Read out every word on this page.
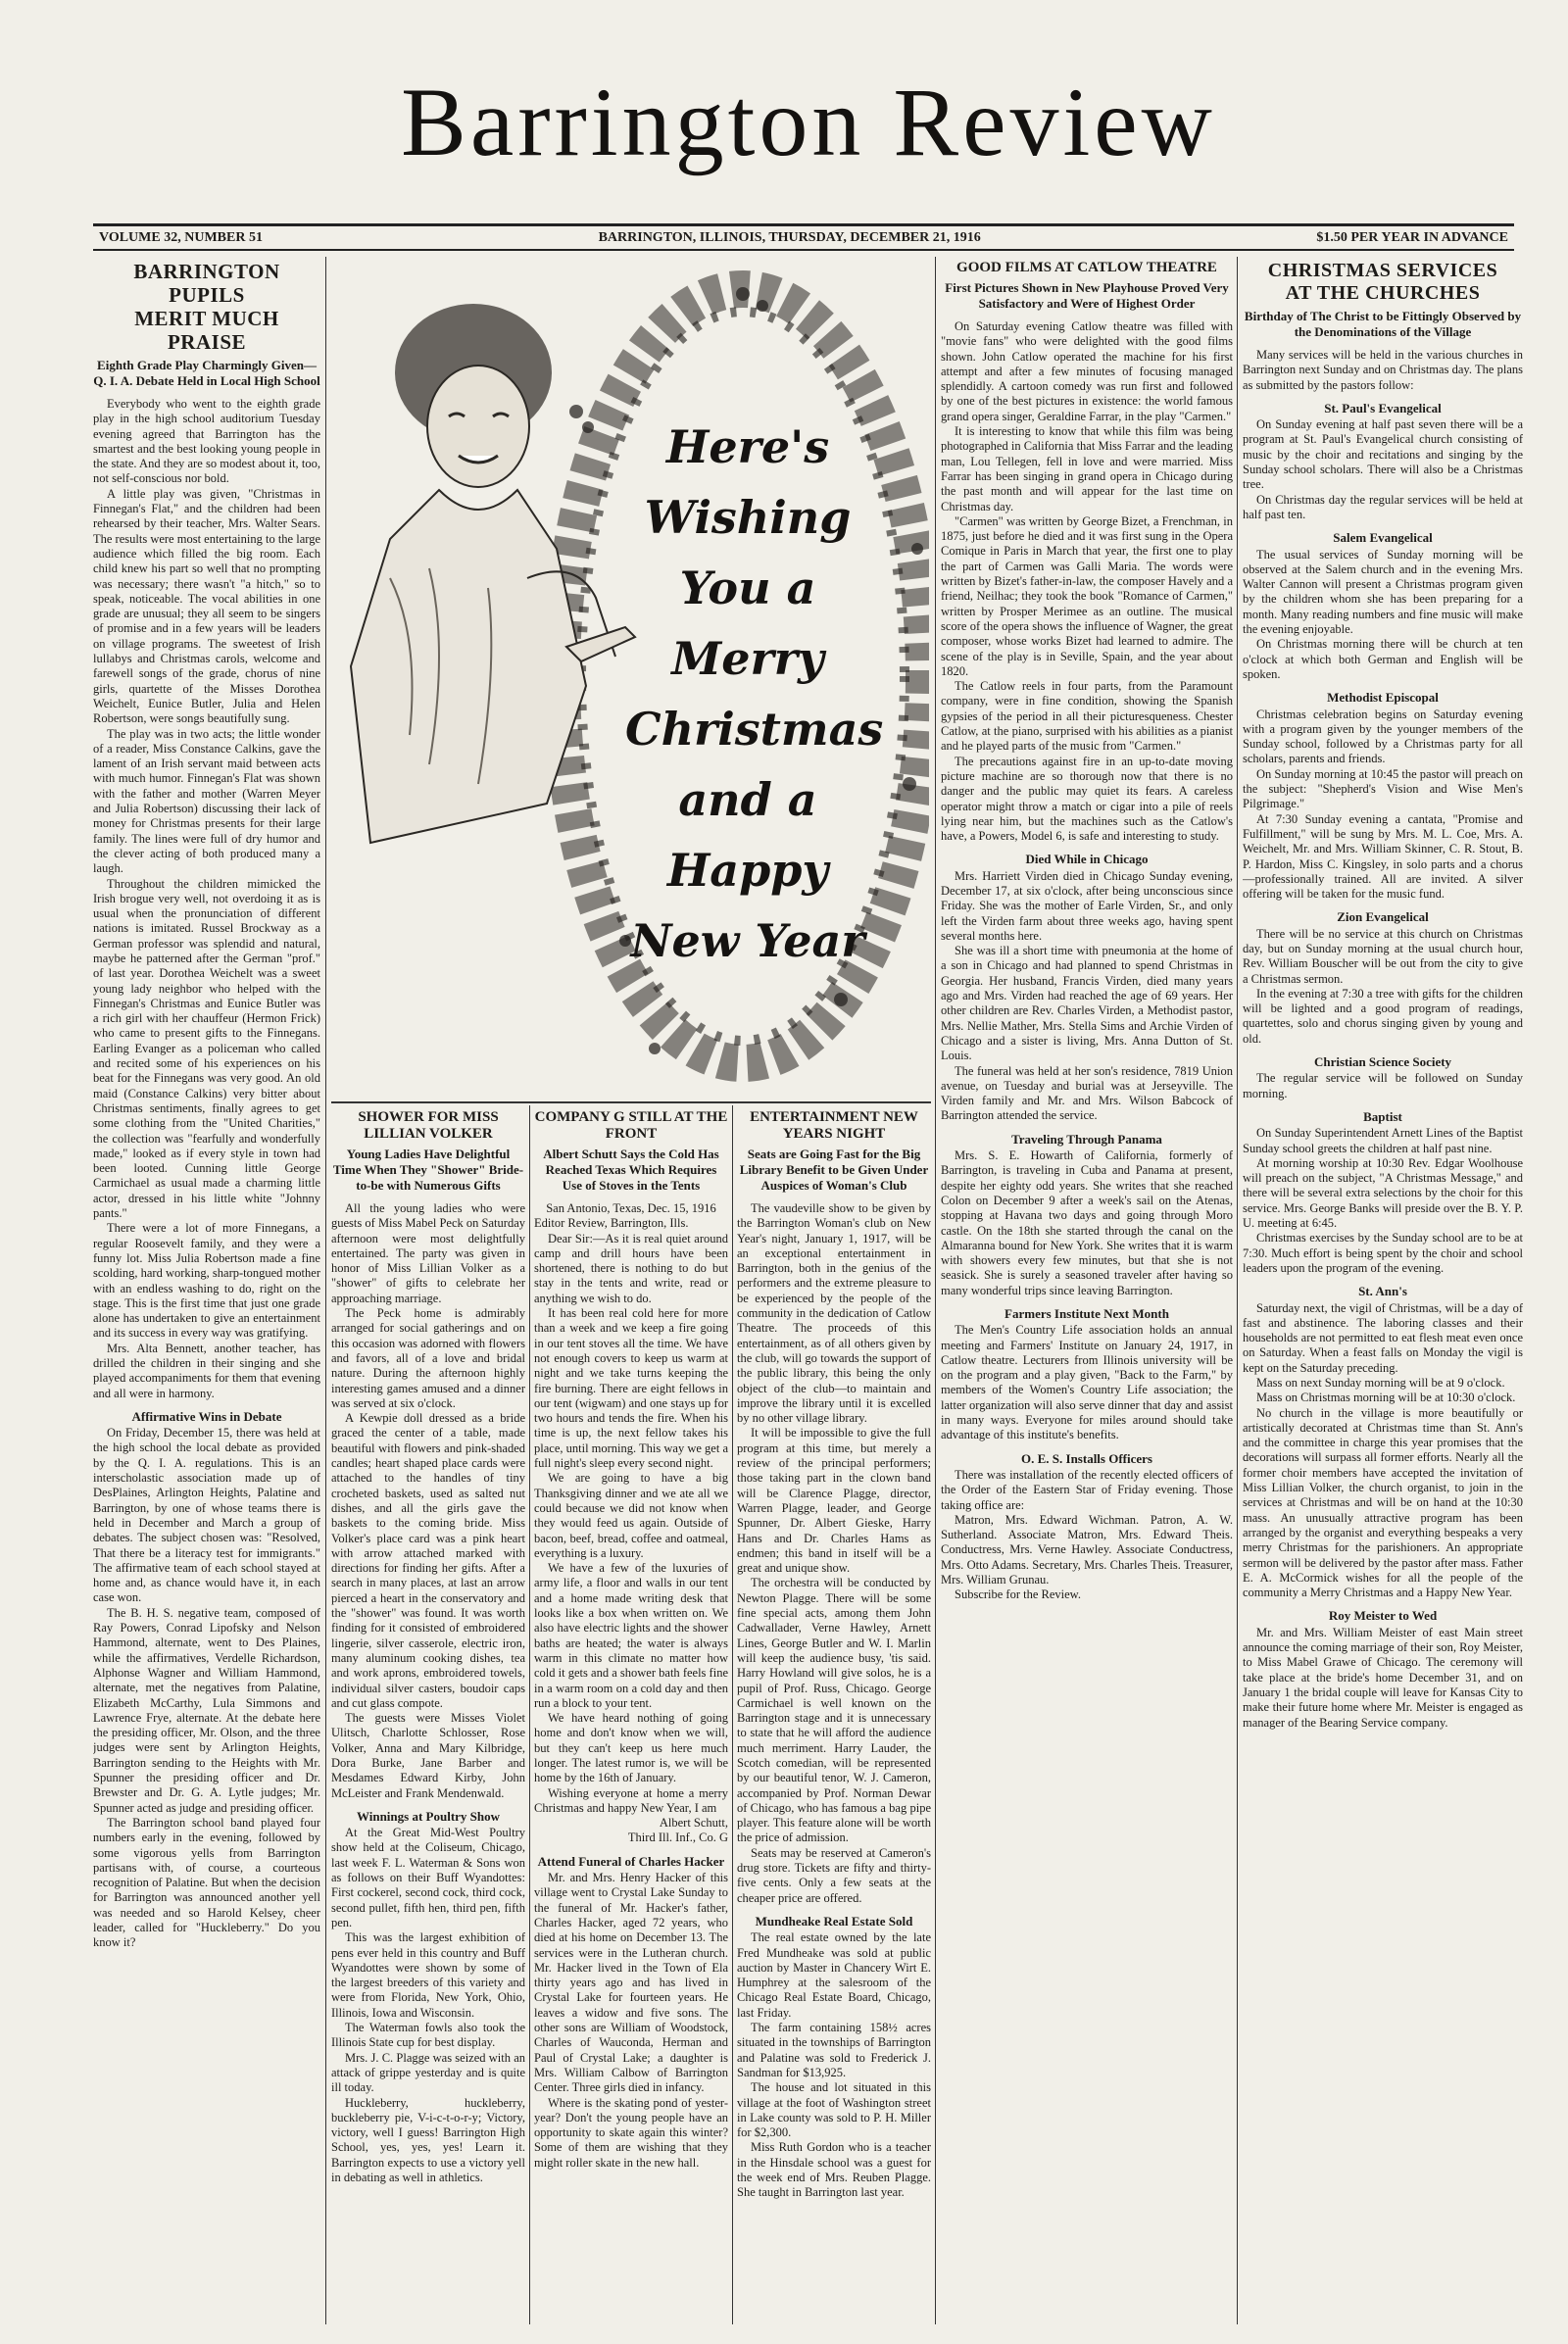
Barrington Review
VOLUME 32, NUMBER 51	BARRINGTON, ILLINOIS, THURSDAY, DECEMBER 21, 1916	$1.50 PER YEAR IN ADVANCE
BARRINGTON PUPILS
MERIT MUCH PRAISE
Eighth Grade Play Charmingly Given—Q. I. A. Debate Held in Local High School

Everybody who went to the eighth grade play in the high school auditorium Tuesday evening agreed that Barrington has the smartest and the best looking young people in the state. And they are so modest about it, too, not self-conscious nor bold.

A little play was given, "Christmas in Finnegan's Flat," and the children had been rehearsed by their teacher, Mrs. Walter Sears. The results were most entertaining to the large audience which filled the big room. Each child knew his part so well that no prompting was necessary; there wasn't "a hitch," so to speak, noticeable. The vocal abilities in one grade are unusual; they all seem to be singers of promise and in a few years will be leaders on village programs. The sweetest of Irish lullabys and Christmas carols, welcome and farewell songs of the grade, chorus of nine girls, quartette of the Misses Dorothea Weichelt, Eunice Butler, Julia and Helen Robertson, were songs beautifully sung.

The play was in two acts; the little wonder of a reader, Miss Constance Calkins, gave the lament of an Irish servant maid between acts with much humor. Finnegan's Flat was shown with the father and mother (Warren Meyer and Julia Robertson) discussing their lack of money for Christmas presents for their large family. The lines were full of dry humor and the clever acting of both produced many a laugh.

Throughout the children mimicked the Irish brogue very well, not overdoing it as is usual when the pronunciation of different nations is imitated. Russel Brockway as a German professor was splendid and natural, maybe he patterned after the German "prof." of last year. Dorothea Weichelt was a sweet young lady neighbor who helped with the Finnegan's Christmas and Eunice Butler was a rich girl with her chauffeur (Hermon Frick) who came to present gifts to the Finnegans. Earling Evanger as a policeman who called and recited some of his experiences on his beat for the Finnegans was very good. An old maid (Constance Calkins) very bitter about Christmas sentiments, finally agrees to get some clothing from the "United Charities," the collection was "fearfully and wonderfully made," looked as if every style in town had been looted. Cunning little George Carmichael as usual made a charming little actor, dressed in his little white "Johnny pants."

There were a lot of more Finnegans, a regular Roosevelt family, and they were a funny lot. Miss Julia Robertson made a fine scolding, hard working, sharp-tongued mother with an endless washing to do, right on the stage. This is the first time that just one grade alone has undertaken to give an entertainment and its success in every way was gratifying.

Mrs. Alta Bennett, another teacher, has drilled the children in their singing and she played accompaniments for them that evening and all were in harmony.

Affirmative Wins in Debate

On Friday, December 15, there was held at the high school the local debate as provided by the Q. I. A. regulations. This is an interscholastic association made up of DesPlaines, Arlington Heights, Palatine and Barrington, by one of whose teams there is held in December and March a group of debates. The subject chosen was: "Resolved, That there be a literacy test for immigrants." The affirmative team of each school stayed at home and, as chance would have it, in each case won.

The B. H. S. negative team, composed of Ray Powers, Conrad Lipofsky and Nelson Hammond, alternate, went to Des Plaines, while the affirmatives, Verdelle Richardson, Alphonse Wagner and William Hammond, alternate, met the negatives from Palatine, Elizabeth McCarthy, Lula Simmons and Lawrence Frye, alternate. At the debate here the presiding officer, Mr. Olson, and the three judges were sent by Arlington Heights, Barrington sending to the Heights with Mr. Spunner the presiding officer and Dr. Brewster and Dr. G. A. Lytle judges; Mr. Spunner acted as judge and presiding officer.

The Barrington school band played four numbers early in the evening, followed by some vigorous yells from Barrington partisans with, of course, a courteous recognition of Palatine. But when the decision for Barrington was announced another yell was needed and so Harold Kelsey, cheer leader, called for "Huckleberry." Do you know it?

Here's Wishing You a Merry Christmas and a Happy New Year
SHOWER FOR MISS LILLIAN VOLKER
Young Ladies Have Delightful Time When They "Shower" Bride-to-be with Numerous Gifts

All the young ladies who were guests of Miss Mabel Peck on Saturday afternoon were most delightfully entertained. The party was given in honor of Miss Lillian Volker as a "shower" of gifts to celebrate her approaching marriage.

The Peck home is admirably arranged for social gatherings and on this occasion was adorned with flowers and favors, all of a love and bridal nature. During the afternoon highly interesting games amused and a dinner was served at six o'clock.

A Kewpie doll dressed as a bride graced the center of a table, made beautiful with flowers and pink-shaded candles; heart shaped place cards were attached to the handles of tiny crocheted baskets, used as salted nut dishes, and all the girls gave the baskets to the coming bride. Miss Volker's place card was a pink heart with arrow attached marked with directions for finding her gifts. After a search in many places, at last an arrow pierced a heart in the conservatory and the "shower" was found. It was worth finding for it consisted of embroidered lingerie, silver casserole, electric iron, many aluminum cooking dishes, tea and work aprons, embroidered towels, individual silver casters, boudoir caps and cut glass compote.

The guests were Misses Violet Ulitsch, Charlotte Schlosser, Rose Volker, Anna and Mary Kilbridge, Dora Burke, Jane Barber and Mesdames Edward Kirby, John McLeister and Frank Mendenwald.

Winnings at Poultry Show

At the Great Mid-West Poultry show held at the Coliseum, Chicago, last week F. L. Waterman & Sons won as follows on their Buff Wyandottes: First cockerel, second cock, third cock, second pullet, fifth hen, third pen, fifth pen.

This was the largest exhibition of pens ever held in this country and Buff Wyandottes were shown by some of the largest breeders of this variety and were from Florida, New York, Ohio, Illinois, Iowa and Wisconsin.

The Waterman fowls also took the Illinois State cup for best display.

Mrs. J. C. Plagge was seized with an attack of grippe yesterday and is quite ill today.

Huckleberry, huckleberry, buckleberry pie, V-i-c-t-o-r-y; Victory, victory, well I guess! Barrington High School, yes, yes, yes! Learn it. Barrington expects to use a victory yell in debating as well in athletics.

COMPANY G STILL AT THE FRONT
Albert Schutt Says the Cold Has Reached Texas Which Requires Use of Stoves in the Tents
San Antonio, Texas, Dec. 15, 1916
Editor Review, Barrington, Ills.

Dear Sir:—As it is real quiet around camp and drill hours have been shortened, there is nothing to do but stay in the tents and write, read or anything we wish to do.

It has been real cold here for more than a week and we keep a fire going in our tent stoves all the time. We have not enough covers to keep us warm at night and we take turns keeping the fire burning. There are eight fellows in our tent (wigwam) and one stays up for two hours and tends the fire. When his time is up, the next fellow takes his place, until morning. This way we get a full night's sleep every second night.

We are going to have a big Thanksgiving dinner and we ate all we could because we did not know when they would feed us again. Outside of bacon, beef, bread, coffee and oatmeal, everything is a luxury.

We have a few of the luxuries of army life, a floor and walls in our tent and a home made writing desk that looks like a box when written on. We also have electric lights and the shower baths are heated; the water is always warm in this climate no matter how cold it gets and a shower bath feels fine in a warm room on a cold day and then run a block to your tent.

We have heard nothing of going home and don't know when we will, but they can't keep us here much longer. The latest rumor is, we will be home by the 16th of January.

Wishing everyone at home a merry Christmas and happy New Year, I am

Albert Schutt,
Third Ill. Inf., Co. G
Attend Funeral of Charles Hacker

Mr. and Mrs. Henry Hacker of this village went to Crystal Lake Sunday to the funeral of Mr. Hacker's father, Charles Hacker, aged 72 years, who died at his home on December 13. The services were in the Lutheran church. Mr. Hacker lived in the Town of Ela thirty years ago and has lived in Crystal Lake for fourteen years. He leaves a widow and five sons. The other sons are William of Woodstock, Charles of Wauconda, Herman and Paul of Crystal Lake; a daughter is Mrs. William Calbow of Barrington Center. Three girls died in infancy.

Where is the skating pond of yester-year? Don't the young people have an opportunity to skate again this winter? Some of them are wishing that they might roller skate in the new hall.

ENTERTAINMENT NEW YEARS NIGHT
Seats are Going Fast for the Big Library Benefit to be Given Under Auspices of Woman's Club

The vaudeville show to be given by the Barrington Woman's club on New Year's night, January 1, 1917, will be an exceptional entertainment in Barrington, both in the genius of the performers and the extreme pleasure to be experienced by the people of the community in the dedication of Catlow Theatre. The proceeds of this entertainment, as of all others given by the club, will go towards the support of the public library, this being the only object of the club—to maintain and improve the library until it is excelled by no other village library.

It will be impossible to give the full program at this time, but merely a review of the principal performers; those taking part in the clown band will be Clarence Plagge, director, Warren Plagge, leader, and George Spunner, Dr. Albert Gieske, Harry Hans and Dr. Charles Hams as endmen; this band in itself will be a great and unique show.

The orchestra will be conducted by Newton Plagge. There will be some fine special acts, among them John Cadwallader, Verne Hawley, Arnett Lines, George Butler and W. I. Marlin will keep the audience busy, 'tis said. Harry Howland will give solos, he is a pupil of Prof. Russ, Chicago. George Carmichael is well known on the Barrington stage and it is unnecessary to state that he will afford the audience much merriment. Harry Lauder, the Scotch comedian, will be represented by our beautiful tenor, W. J. Cameron, accompanied by Prof. Norman Dewar of Chicago, who has famous a bag pipe player. This feature alone will be worth the price of admission.

Seats may be reserved at Cameron's drug store. Tickets are fifty and thirty-five cents. Only a few seats at the cheaper price are offered.

Mundheake Real Estate Sold

The real estate owned by the late Fred Mundheake was sold at public auction by Master in Chancery Wirt E. Humphrey at the salesroom of the Chicago Real Estate Board, Chicago, last Friday.

The farm containing 158½ acres situated in the townships of Barrington and Palatine was sold to Frederick J. Sandman for $13,925.

The house and lot situated in this village at the foot of Washington street in Lake county was sold to P. H. Miller for $2,300.

Miss Ruth Gordon who is a teacher in the Hinsdale school was a guest for the week end of Mrs. Reuben Plagge. She taught in Barrington last year.

GOOD FILMS AT CATLOW THEATRE
First Pictures Shown in New Playhouse Proved Very Satisfactory and Were of Highest Order

On Saturday evening Catlow theatre was filled with "movie fans" who were delighted with the good films shown. John Catlow operated the machine for his first attempt and after a few minutes of focusing managed splendidly. A cartoon comedy was run first and followed by one of the best pictures in existence: the world famous grand opera singer, Geraldine Farrar, in the play "Carmen."

It is interesting to know that while this film was being photographed in California that Miss Farrar and the leading man, Lou Tellegen, fell in love and were married. Miss Farrar has been singing in grand opera in Chicago during the past month and will appear for the last time on Christmas day.

"Carmen" was written by George Bizet, a Frenchman, in 1875, just before he died and it was first sung in the Opera Comique in Paris in March that year, the first one to play the part of Carmen was Galli Maria. The words were written by Bizet's father-in-law, the composer Havely and a friend, Neilhac; they took the book "Romance of Carmen," written by Prosper Merimee as an outline. The musical score of the opera shows the influence of Wagner, the great composer, whose works Bizet had learned to admire. The scene of the play is in Seville, Spain, and the year about 1820.

The Catlow reels in four parts, from the Paramount company, were in fine condition, showing the Spanish gypsies of the period in all their picturesqueness. Chester Catlow, at the piano, surprised with his abilities as a pianist and he played parts of the music from "Carmen."

The precautions against fire in an up-to-date moving picture machine are so thorough now that there is no danger and the public may quiet its fears. A careless operator might throw a match or cigar into a pile of reels lying near him, but the machines such as the Catlow's have, a Powers, Model 6, is safe and interesting to study.

Died While in Chicago

Mrs. Harriett Virden died in Chicago Sunday evening, December 17, at six o'clock, after being unconscious since Friday. She was the mother of Earle Virden, Sr., and only left the Virden farm about three weeks ago, having spent several months here.

She was ill a short time with pneumonia at the home of a son in Chicago and had planned to spend Christmas in Georgia. Her husband, Francis Virden, died many years ago and Mrs. Virden had reached the age of 69 years. Her other children are Rev. Charles Virden, a Methodist pastor, Mrs. Nellie Mather, Mrs. Stella Sims and Archie Virden of Chicago and a sister is living, Mrs. Anna Dutton of St. Louis.

The funeral was held at her son's residence, 7819 Union avenue, on Tuesday and burial was at Jerseyville. The Virden family and Mr. and Mrs. Wilson Babcock of Barrington attended the service.

Traveling Through Panama

Mrs. S. E. Howarth of California, formerly of Barrington, is traveling in Cuba and Panama at present, despite her eighty odd years. She writes that she reached Colon on December 9 after a week's sail on the Atenas, stopping at Havana two days and going through Moro castle. On the 18th she started through the canal on the Almaranna bound for New York. She writes that it is warm with showers every few minutes, but that she is not seasick. She is surely a seasoned traveler after having so many wonderful trips since leaving Barrington.

Farmers Institute Next Month

The Men's Country Life association holds an annual meeting and Farmers' Institute on January 24, 1917, in Catlow theatre. Lecturers from Illinois university will be on the program and a play given, "Back to the Farm," by members of the Women's Country Life association; the latter organization will also serve dinner that day and assist in many ways. Everyone for miles around should take advantage of this institute's benefits.

O. E. S. Installs Officers

There was installation of the recently elected officers of the Order of the Eastern Star of Friday evening. Those taking office are:

Matron, Mrs. Edward Wichman. Patron, A. W. Sutherland. Associate Matron, Mrs. Edward Theis. Conductress, Mrs. Verne Hawley. Associate Conductress, Mrs. Otto Adams. Secretary, Mrs. Charles Theis. Treasurer, Mrs. William Grunau.

Subscribe for the Review.

CHRISTMAS SERVICES
AT THE CHURCHES
Birthday of The Christ to be Fittingly Observed by the Denominations of the Village

Many services will be held in the various churches in Barrington next Sunday and on Christmas day. The plans as submitted by the pastors follow:

St. Paul's Evangelical

On Sunday evening at half past seven there will be a program at St. Paul's Evangelical church consisting of music by the choir and recitations and singing by the Sunday school scholars. There will also be a Christmas tree.

On Christmas day the regular services will be held at half past ten.

Salem Evangelical

The usual services of Sunday morning will be observed at the Salem church and in the evening Mrs. Walter Cannon will present a Christmas program given by the children whom she has been preparing for a month. Many reading numbers and fine music will make the evening enjoyable.

On Christmas morning there will be church at ten o'clock at which both German and English will be spoken.

Methodist Episcopal

Christmas celebration begins on Saturday evening with a program given by the younger members of the Sunday school, followed by a Christmas party for all scholars, parents and friends.

On Sunday morning at 10:45 the pastor will preach on the subject: "Shepherd's Vision and Wise Men's Pilgrimage."

At 7:30 Sunday evening a cantata, "Promise and Fulfillment," will be sung by Mrs. M. L. Coe, Mrs. A. Weichelt, Mr. and Mrs. William Skinner, C. R. Stout, B. P. Hardon, Miss C. Kingsley, in solo parts and a chorus—professionally trained. All are invited. A silver offering will be taken for the music fund.

Zion Evangelical

There will be no service at this church on Christmas day, but on Sunday morning at the usual church hour, Rev. William Bouscher will be out from the city to give a Christmas sermon.

In the evening at 7:30 a tree with gifts for the children will be lighted and a good program of readings, quartettes, solo and chorus singing given by young and old.

Christian Science Society

The regular service will be followed on Sunday morning.

Baptist

On Sunday Superintendent Arnett Lines of the Baptist Sunday school greets the children at half past nine.

At morning worship at 10:30 Rev. Edgar Woolhouse will preach on the subject, "A Christmas Message," and there will be several extra selections by the choir for this service. Mrs. George Banks will preside over the B. Y. P. U. meeting at 6:45.

Christmas exercises by the Sunday school are to be at 7:30. Much effort is being spent by the choir and school leaders upon the program of the evening.

St. Ann's

Saturday next, the vigil of Christmas, will be a day of fast and abstinence. The laboring classes and their households are not permitted to eat flesh meat even once on Saturday. When a feast falls on Monday the vigil is kept on the Saturday preceding.

Mass on next Sunday morning will be at 9 o'clock.

Mass on Christmas morning will be at 10:30 o'clock.

No church in the village is more beautifully or artistically decorated at Christmas time than St. Ann's and the committee in charge this year promises that the decorations will surpass all former efforts. Nearly all the former choir members have accepted the invitation of Miss Lillian Volker, the church organist, to join in the services at Christmas and will be on hand at the 10:30 mass. An unusually attractive program has been arranged by the organist and everything bespeaks a very merry Christmas for the parishioners. An appropriate sermon will be delivered by the pastor after mass. Father E. A. McCormick wishes for all the people of the community a Merry Christmas and a Happy New Year.

Roy Meister to Wed

Mr. and Mrs. William Meister of east Main street announce the coming marriage of their son, Roy Meister, to Miss Mabel Grawe of Chicago. The ceremony will take place at the bride's home December 31, and on January 1 the bridal couple will leave for Kansas City to make their future home where Mr. Meister is engaged as manager of the Bearing Service company.
